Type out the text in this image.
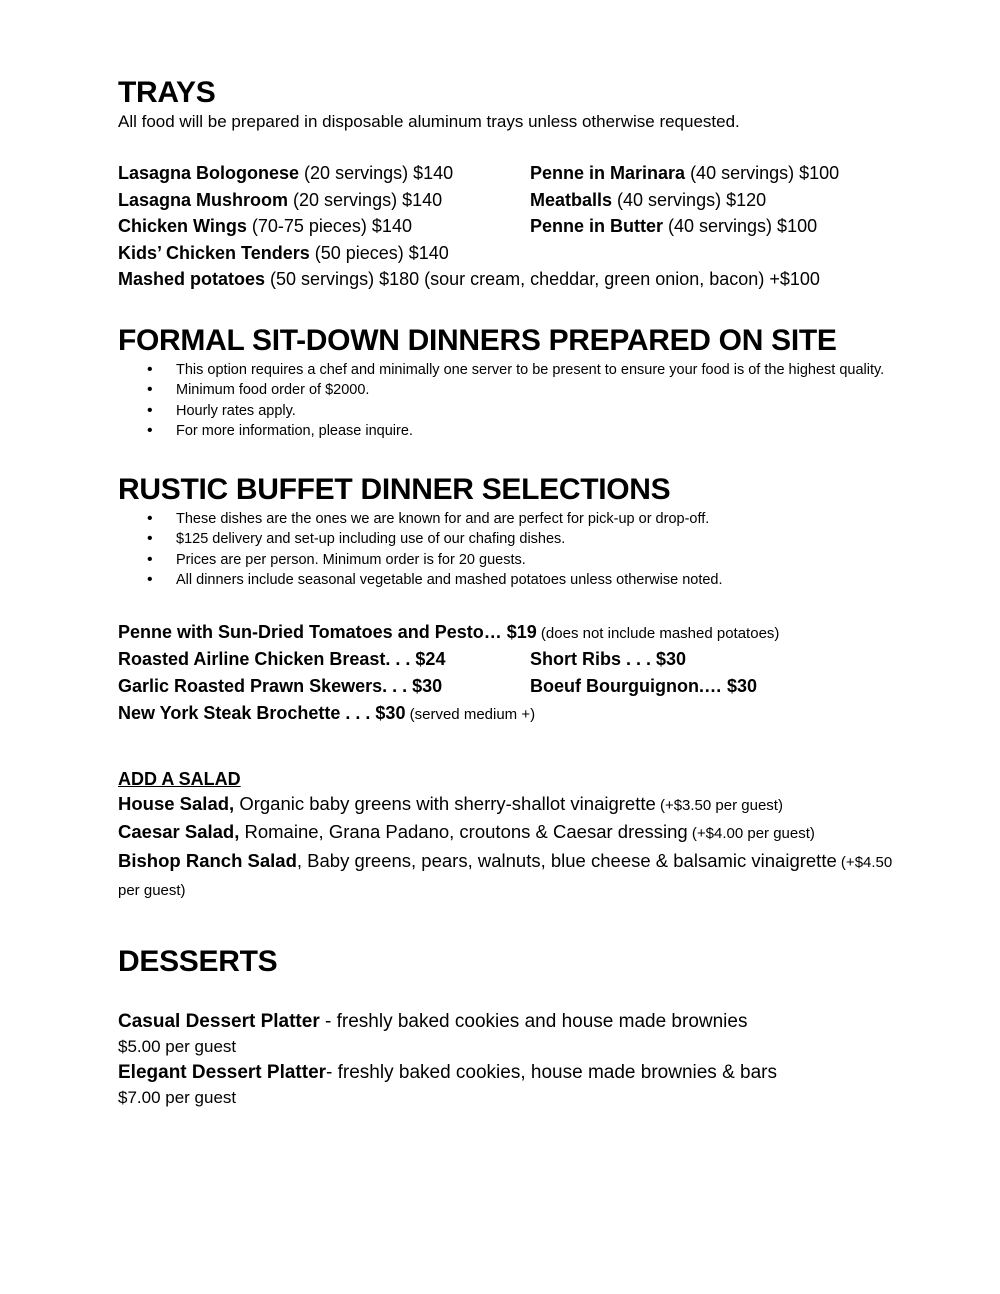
TRAYS

All food will be prepared in disposable aluminum trays unless otherwise requested.

Lasagna Bologonese (20 servings) $140	Penne in Marinara (40 servings) $100
Lasagna Mushroom (20 servings) $140	Meatballs (40 servings) $120
Chicken Wings (70-75 pieces) $140	Penne in Butter (40 servings) $100
Kids’ Chicken Tenders (50 pieces) $140
Mashed potatoes (50 servings) $180 (sour cream, cheddar, green onion, bacon) +$100
FORMAL SIT-DOWN DINNERS PREPARED ON SITE
• This option requires a chef and minimally one server to be present to ensure your food is of the highest quality.
• Minimum food order of $2000.
• Hourly rates apply.
• For more information, please inquire.
RUSTIC BUFFET DINNER SELECTIONS
• These dishes are the ones we are known for and are perfect for pick-up or drop-off.
• $125 delivery and set-up including use of our chafing dishes.
• Prices are per person. Minimum order is for 20 guests.
• All dinners include seasonal vegetable and mashed potatoes unless otherwise noted.
Penne with Sun-Dried Tomatoes and Pesto… $19 (does not include mashed potatoes)
Roasted Airline Chicken Breast. . . $24	Short Ribs . . . $30
Garlic Roasted Prawn Skewers. . . $30	Boeuf Bourguignon.… $30
New York Steak Brochette . . . $30 (served medium +)
ADD A SALAD

House Salad, Organic baby greens with sherry-shallot vinaigrette (+$3.50 per guest)

Caesar Salad, Romaine, Grana Padano, croutons & Caesar dressing (+$4.00 per guest)

Bishop Ranch Salad, Baby greens, pears, walnuts, blue cheese & balsamic vinaigrette (+$4.50 per guest)

DESSERTS

Casual Dessert Platter - freshly baked cookies and house made brownies

$5.00 per guest

Elegant Dessert Platter- freshly baked cookies, house made brownies & bars

$7.00 per guest
